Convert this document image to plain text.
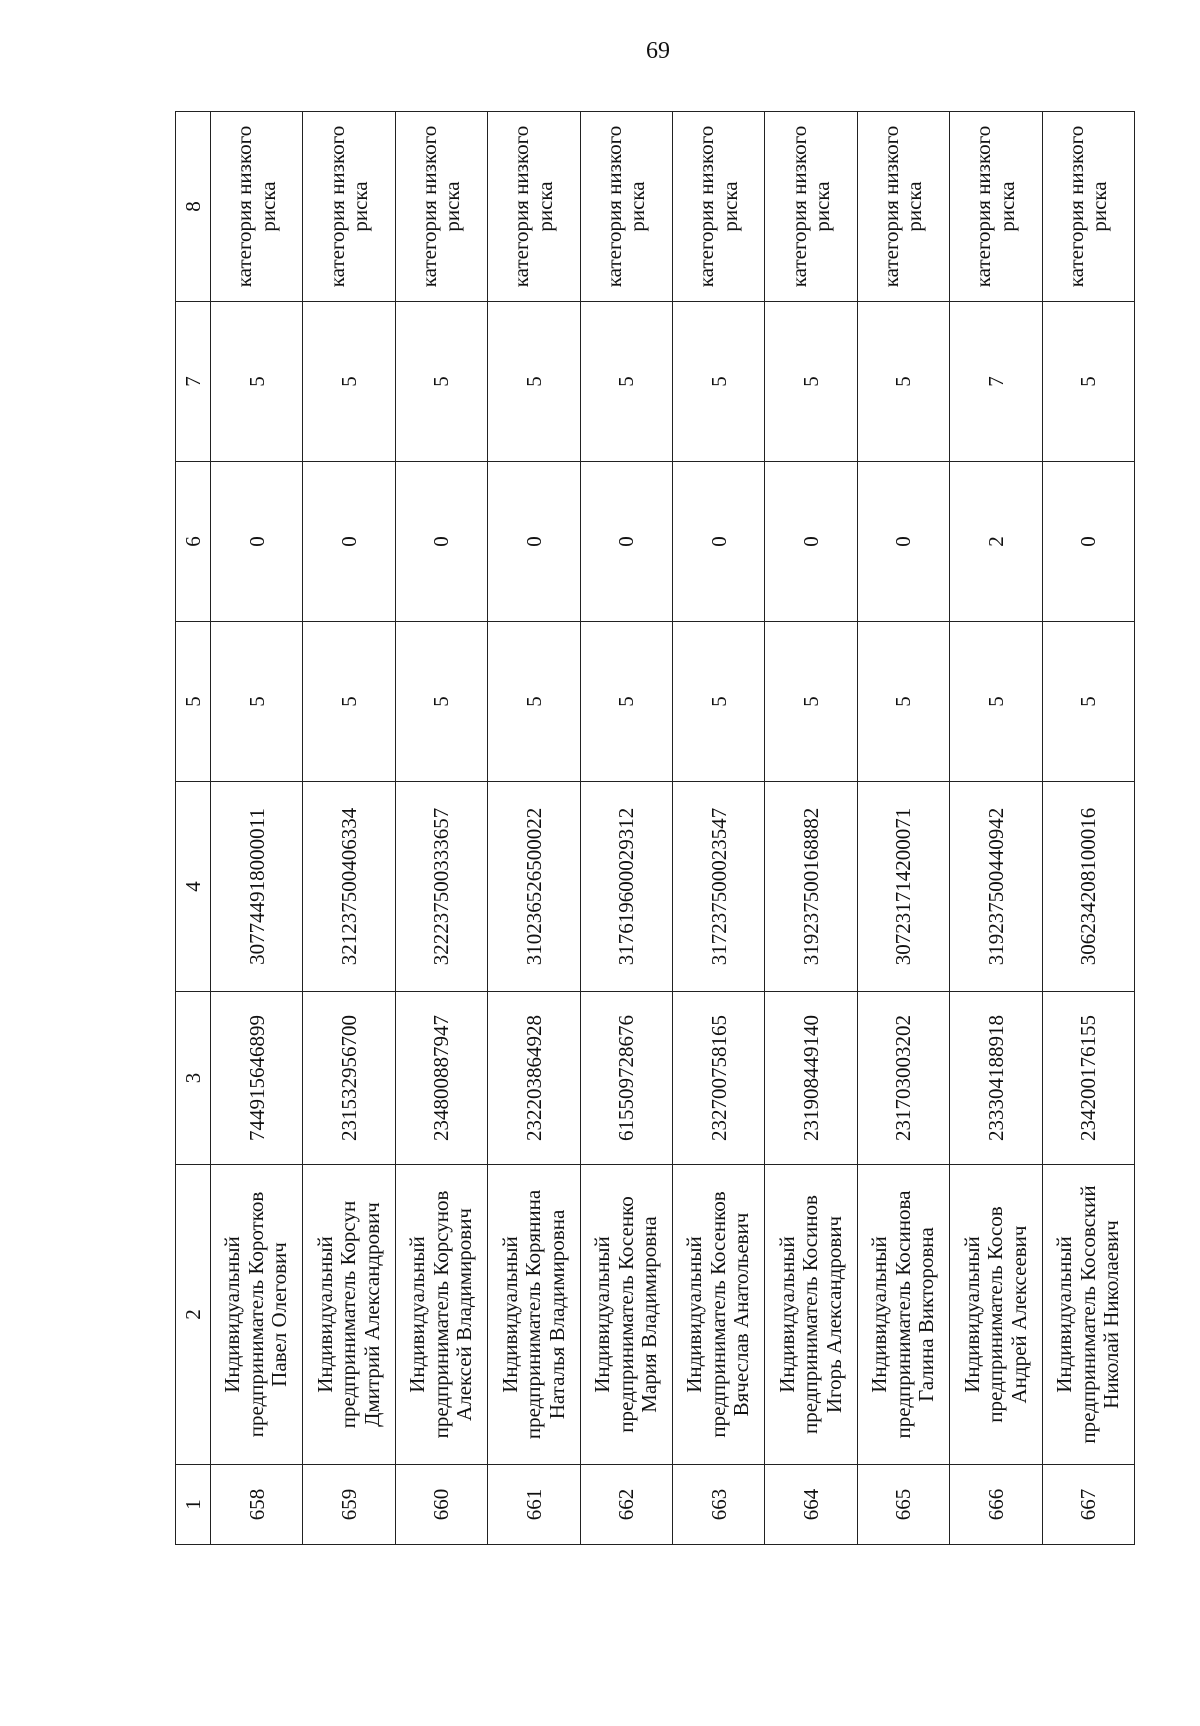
69
1	2	3	4	5	6	7	8
658	Индивидуальный предприниматель Коротков Павел Олегович	744915646899	307744918000011	5	0	5	категория низкого риска
659	Индивидуальный предприниматель Корсун Дмитрий Александрович	231532956700	321237500406334	5	0	5	категория низкого риска
660	Индивидуальный предприниматель Корсунов Алексей Владимирович	234800887947	322237500333657	5	0	5	категория низкого риска
661	Индивидуальный предприниматель Корянина Наталья Владимировна	232203864928	310236526500022	5	0	5	категория низкого риска
662	Индивидуальный предприниматель Косенко Мария Владимировна	615509728676	317619600029312	5	0	5	категория низкого риска
663	Индивидуальный предприниматель Косенков Вячеслав Анатольевич	232700758165	317237500023547	5	0	5	категория низкого риска
664	Индивидуальный предприниматель Косинов Игорь Александрович	231908449140	319237500168882	5	0	5	категория низкого риска
665	Индивидуальный предприниматель Косинова Галина Викторовна	231703003202	307231714200071	5	0	5	категория низкого риска
666	Индивидуальный предприниматель Косов Андрей Алексеевич	233304188918	319237500440942	5	2	7	категория низкого риска
667	Индивидуальный предприниматель Косовский Николай Николаевич	234200176155	306234208100016	5	0	5	категория низкого риска
